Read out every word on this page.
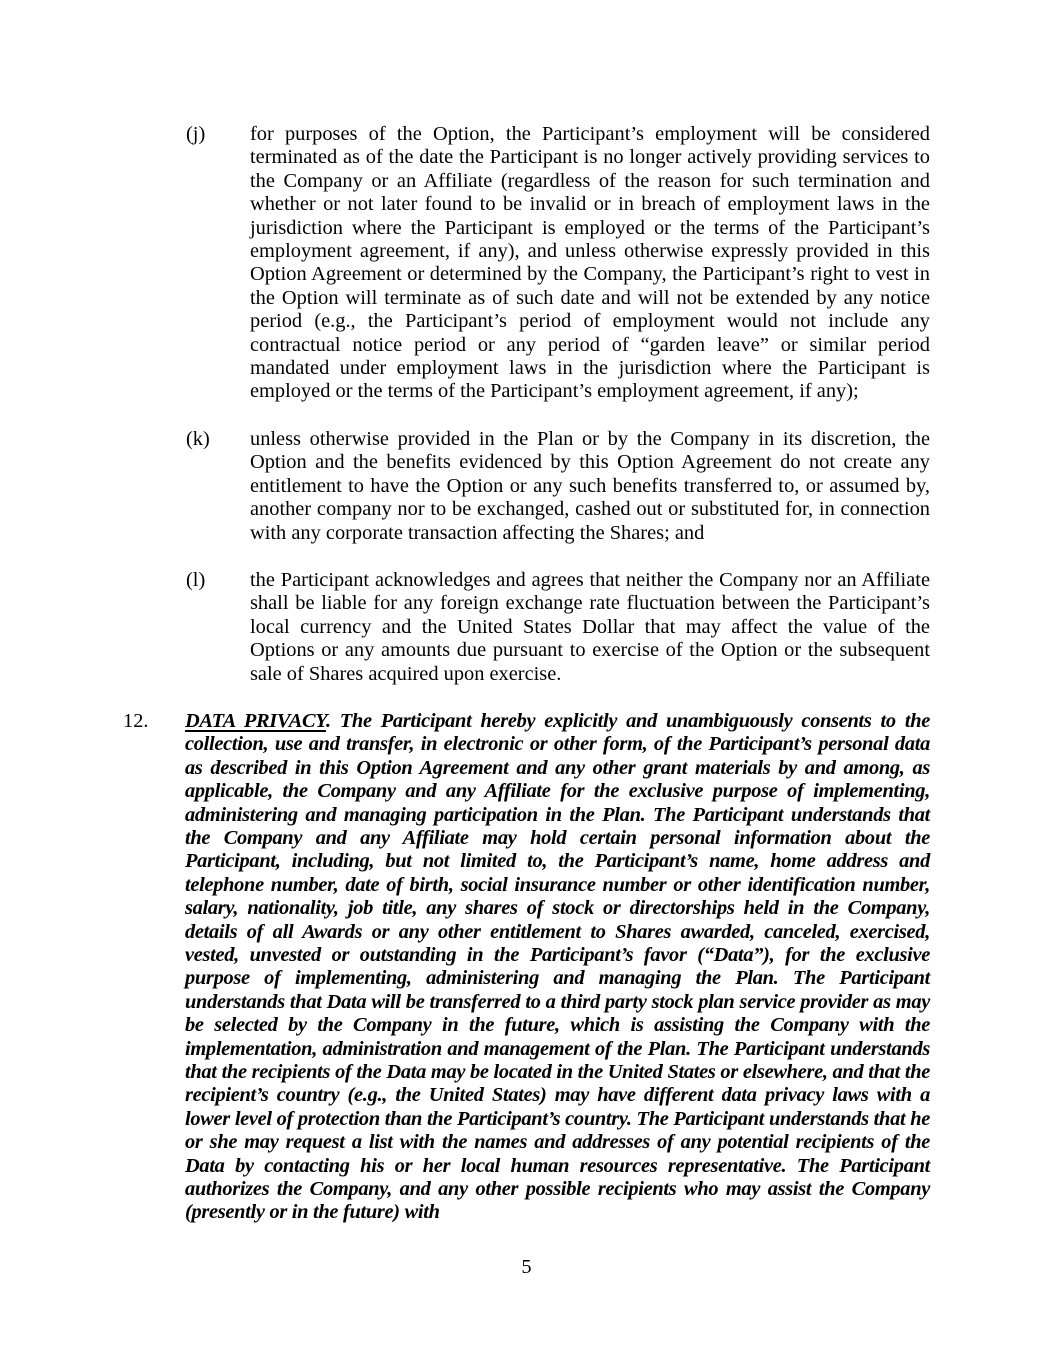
(j) for purposes of the Option, the Participant’s employment will be considered terminated as of the date the Participant is no longer actively providing services to the Company or an Affiliate (regardless of the reason for such termination and whether or not later found to be invalid or in breach of employment laws in the jurisdiction where the Participant is employed or the terms of the Participant’s employment agreement, if any), and unless otherwise expressly provided in this Option Agreement or determined by the Company, the Participant’s right to vest in the Option will terminate as of such date and will not be extended by any notice period (e.g., the Participant’s period of employment would not include any contractual notice period or any period of “garden leave” or similar period mandated under employment laws in the jurisdiction where the Participant is employed or the terms of the Participant’s employment agreement, if any);

(k) unless otherwise provided in the Plan or by the Company in its discretion, the Option and the benefits evidenced by this Option Agreement do not create any entitlement to have the Option or any such benefits transferred to, or assumed by, another company nor to be exchanged, cashed out or substituted for, in connection with any corporate transaction affecting the Shares; and

(l) the Participant acknowledges and agrees that neither the Company nor an Affiliate shall be liable for any foreign exchange rate fluctuation between the Participant’s local currency and the United States Dollar that may affect the value of the Options or any amounts due pursuant to exercise of the Option or the subsequent sale of Shares acquired upon exercise.

12. DATA PRIVACY. The Participant hereby explicitly and unambiguously consents to the collection, use and transfer, in electronic or other form, of the Participant’s personal data as described in this Option Agreement and any other grant materials by and among, as applicable, the Company and any Affiliate for the exclusive purpose of implementing, administering and managing participation in the Plan. The Participant understands that the Company and any Affiliate may hold certain personal information about the Participant, including, but not limited to, the Participant’s name, home address and telephone number, date of birth, social insurance number or other identification number, salary, nationality, job title, any shares of stock or directorships held in the Company, details of all Awards or any other entitlement to Shares awarded, canceled, exercised, vested, unvested or outstanding in the Participant’s favor (“Data”), for the exclusive purpose of implementing, administering and managing the Plan. The Participant understands that Data will be transferred to a third party stock plan service provider as may be selected by the Company in the future, which is assisting the Company with the implementation, administration and management of the Plan. The Participant understands that the recipients of the Data may be located in the United States or elsewhere, and that the recipient’s country (e.g., the United States) may have different data privacy laws with a lower level of protection than the Participant’s country. The Participant understands that he or she may request a list with the names and addresses of any potential recipients of the Data by contacting his or her local human resources representative. The Participant authorizes the Company, and any other possible recipients who may assist the Company (presently or in the future) with

5
